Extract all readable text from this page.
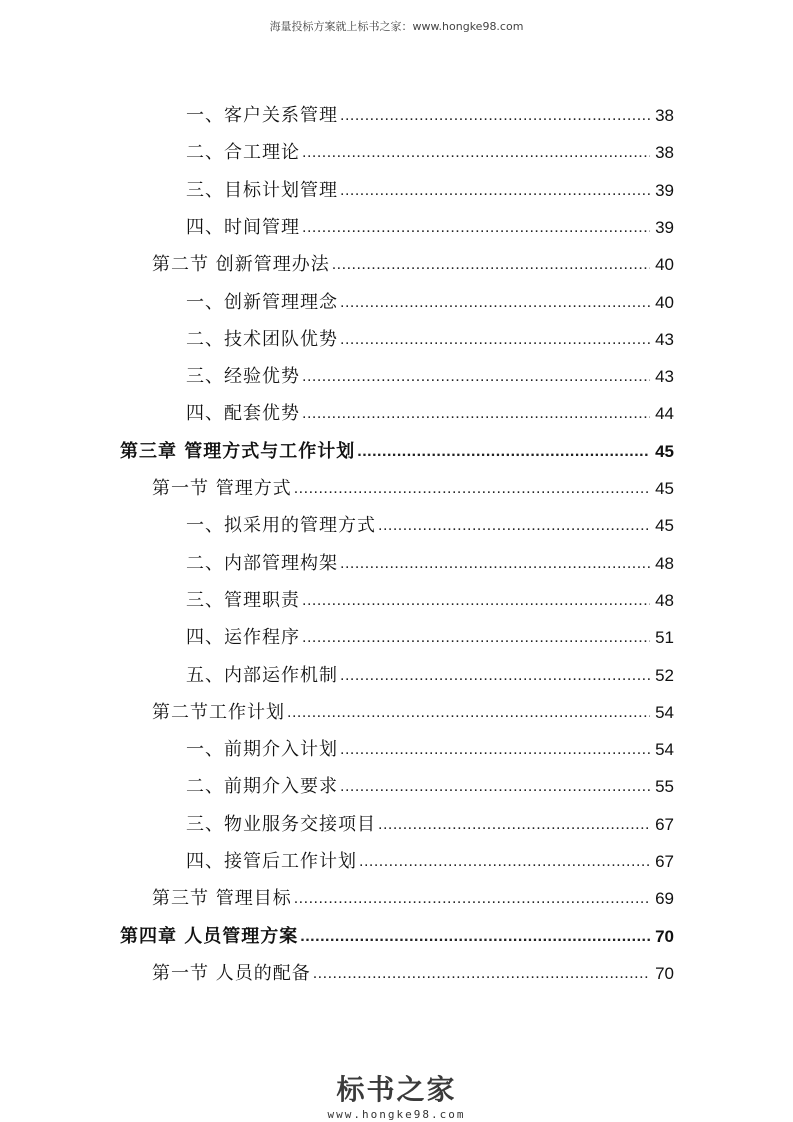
海量投标方案就上标书之家：www.hongke98.com
一、客户关系管理 .....	38
二、合工理论 .....	38
三、目标计划管理 .....	39
四、时间管理 .....	39
第二节 创新管理办法 .....	40
一、创新管理理念 .....	40
二、技术团队优势 .....	43
三、经验优势 .....	43
四、配套优势 .....	44
第三章 管理方式与工作计划 .....	45
第一节 管理方式 .....	45
一、拟采用的管理方式 .....	45
二、内部管理构架 .....	48
三、管理职责 .....	48
四、运作程序 .....	51
五、内部运作机制 .....	52
第二节工作计划 .....	54
一、前期介入计划 .....	54
二、前期介入要求 .....	55
三、物业服务交接项目 .....	67
四、接管后工作计划 .....	67
第三节 管理目标 .....	69
第四章 人员管理方案 .....	70
第一节 人员的配备 .....	70
标书之家
www.hongke98.com
